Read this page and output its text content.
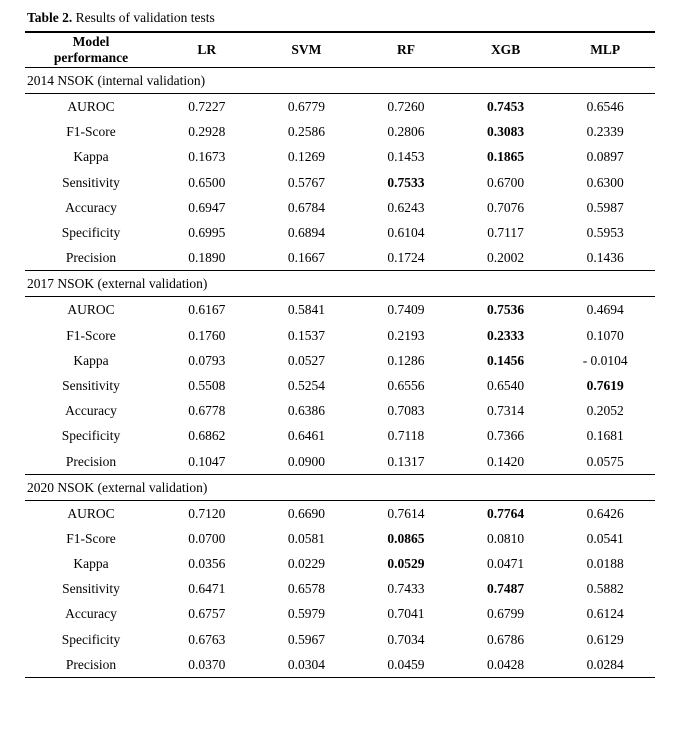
Table 2. Results of validation tests

Model
performance	LR	SVM	RF	XGB	MLP

2014 NSOK (internal validation)					

AUROC	0.7227	0.6779	0.7260	0.7453	0.6546
F1-Score	0.2928	0.2586	0.2806	0.3083	0.2339
Kappa	0.1673	0.1269	0.1453	0.1865	0.0897
Sensitivity	0.6500	0.5767	0.7533	0.6700	0.6300
Accuracy	0.6947	0.6784	0.6243	0.7076	0.5987
Specificity	0.6995	0.6894	0.6104	0.7117	0.5953
Precision	0.1890	0.1667	0.1724	0.2002	0.1436

2017 NSOK (external validation)					

AUROC	0.6167	0.5841	0.7409	0.7536	0.4694
F1-Score	0.1760	0.1537	0.2193	0.2333	0.1070
Kappa	0.0793	0.0527	0.1286	0.1456	- 0.0104
Sensitivity	0.5508	0.5254	0.6556	0.6540	0.7619
Accuracy	0.6778	0.6386	0.7083	0.7314	0.2052
Specificity	0.6862	0.6461	0.7118	0.7366	0.1681
Precision	0.1047	0.0900	0.1317	0.1420	0.0575

2020 NSOK (external validation)					

AUROC	0.7120	0.6690	0.7614	0.7764	0.6426
F1-Score	0.0700	0.0581	0.0865	0.0810	0.0541
Kappa	0.0356	0.0229	0.0529	0.0471	0.0188
Sensitivity	0.6471	0.6578	0.7433	0.7487	0.5882
Accuracy	0.6757	0.5979	0.7041	0.6799	0.6124
Specificity	0.6763	0.5967	0.7034	0.6786	0.6129
Precision	0.0370	0.0304	0.0459	0.0428	0.0284
